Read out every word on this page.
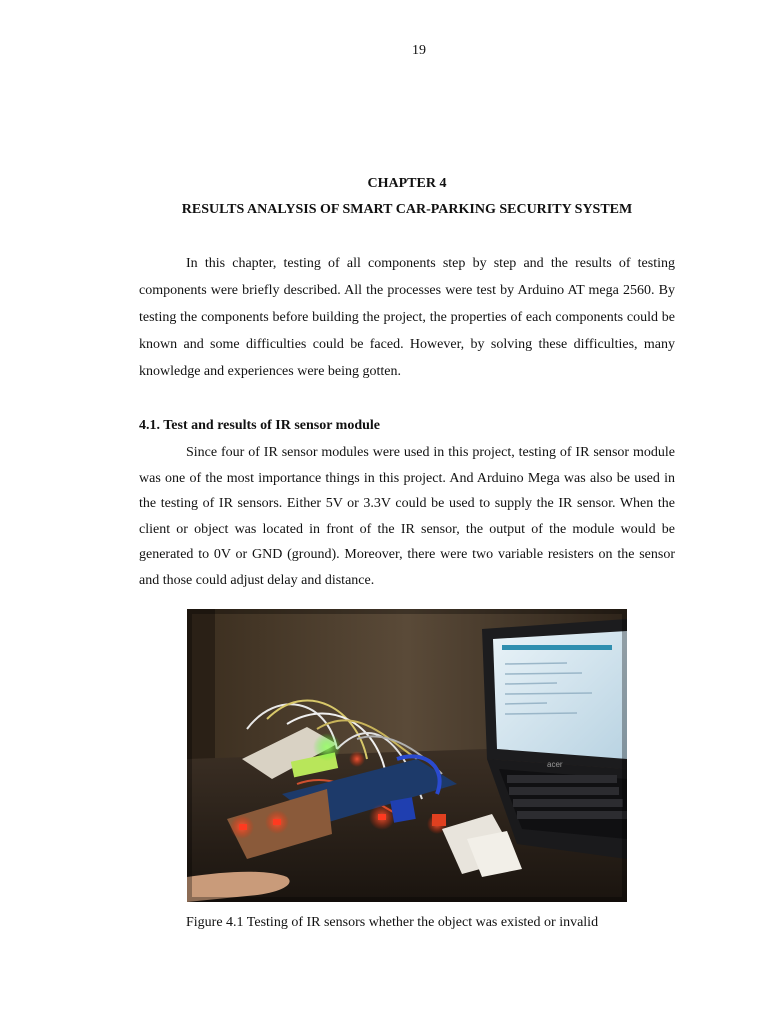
19
CHAPTER 4
RESULTS ANALYSIS OF SMART CAR-PARKING SECURITY SYSTEM

In this chapter, testing of all components step by step and the results of testing components were briefly described. All the processes were test by Arduino AT mega 2560. By testing the components before building the project, the properties of each components could be known and some difficulties could be faced. However, by solving these difficulties, many knowledge and experiences were being gotten.

4.1. Test and results of IR sensor module

Since four of IR sensor modules were used in this project, testing of IR sensor module was one of the most importance things in this project. And Arduino Mega was also be used in the testing of IR sensors. Either 5V or 3.3V could be used to supply the IR sensor. When the client or object was located in front of the IR sensor, the output of the module would be generated to 0V or GND (ground). Moreover, there were two variable resisters on the sensor and those could adjust delay and distance.

acer
Figure 4.1 Testing of IR sensors whether the object was existed or invalid
